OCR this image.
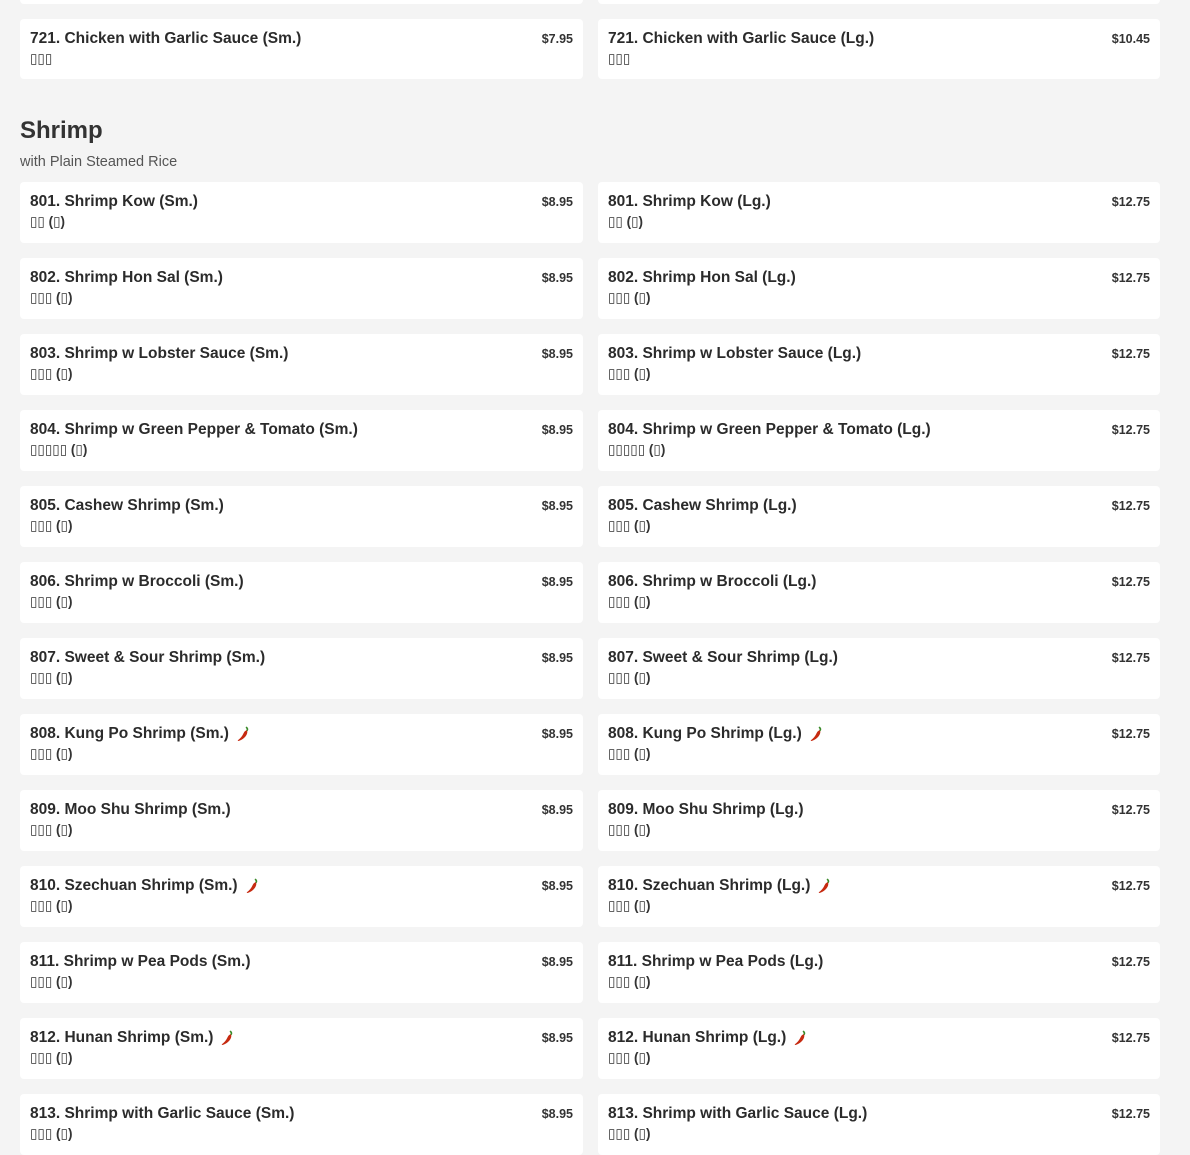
721. Chicken with Garlic Sauce (Sm.)
▯▯▯
$7.95 721. Chicken with Garlic Sauce (Lg.)
▯▯▯
$10.45
Shrimp
with Plain Steamed Rice
801. Shrimp Kow (Sm.)
▯▯ (▯)
$8.95 801. Shrimp Kow (Lg.)
▯▯ (▯)
$12.75
802. Shrimp Hon Sal (Sm.)
▯▯▯ (▯)
$8.95 802. Shrimp Hon Sal (Lg.)
▯▯▯ (▯)
$12.75
803. Shrimp w Lobster Sauce (Sm.)
▯▯▯ (▯)
$8.95 803. Shrimp w Lobster Sauce (Lg.)
▯▯▯ (▯)
$12.75
804. Shrimp w Green Pepper & Tomato (Sm.)
▯▯▯▯▯ (▯)
$8.95 804. Shrimp w Green Pepper & Tomato (Lg.)
▯▯▯▯▯ (▯)
$12.75
805. Cashew Shrimp (Sm.)
▯▯▯ (▯)
$8.95 805. Cashew Shrimp (Lg.)
▯▯▯ (▯)
$12.75
806. Shrimp w Broccoli (Sm.)
▯▯▯ (▯)
$8.95 806. Shrimp w Broccoli (Lg.)
▯▯▯ (▯)
$12.75
807. Sweet & Sour Shrimp (Sm.)
▯▯▯ (▯)
$8.95 807. Sweet & Sour Shrimp (Lg.)
▯▯▯ (▯)
$12.75
808. Kung Po Shrimp (Sm.)
▯▯▯ (▯)
$8.95 808. Kung Po Shrimp (Lg.)
▯▯▯ (▯)
$12.75
809. Moo Shu Shrimp (Sm.)
▯▯▯ (▯)
$8.95 809. Moo Shu Shrimp (Lg.)
▯▯▯ (▯)
$12.75
810. Szechuan Shrimp (Sm.)
▯▯▯ (▯)
$8.95 810. Szechuan Shrimp (Lg.)
▯▯▯ (▯)
$12.75
811. Shrimp w Pea Pods (Sm.)
▯▯▯ (▯)
$8.95 811. Shrimp w Pea Pods (Lg.)
▯▯▯ (▯)
$12.75
812. Hunan Shrimp (Sm.)
▯▯▯ (▯)
$8.95 812. Hunan Shrimp (Lg.)
▯▯▯ (▯)
$12.75
813. Shrimp with Garlic Sauce (Sm.)
▯▯▯ (▯)
$8.95 813. Shrimp with Garlic Sauce (Lg.)
▯▯▯ (▯)
$12.75
